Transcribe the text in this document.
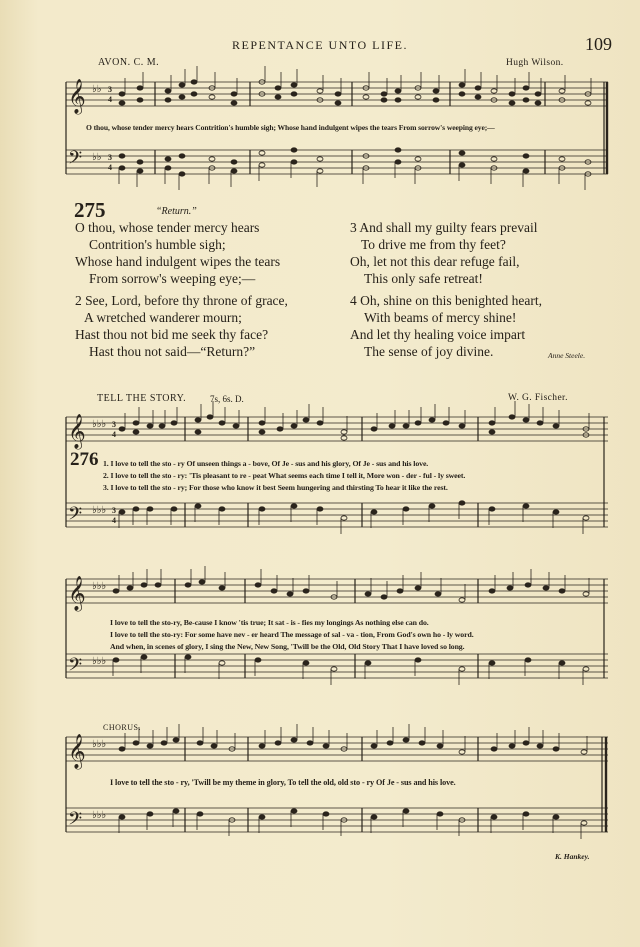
REPENTANCE UNTO LIFE.	109
AVON. C. M.	Hugh Wilson.
𝄞
𝄢
♭♭
♭♭
3
4
3
4
O thou, whose tender mercy hears Contrition's humble sigh; Whose hand indulgent wipes the tears From sorrow's weeping eye;—
275	“Return.”
O thou, whose tender mercy hears
Contrition's humble sigh;
Whose hand indulgent wipes the tears
From sorrow's weeping eye;—
2 See, Lord, before thy throne of grace,
A wretched wanderer mourn;
Hast thou not bid me seek thy face?
Hast thou not said—“Return?”
3 And shall my guilty fears prevail
To drive me from thy feet?
Oh, let not this dear refuge fail,
This only safe retreat!
4 Oh, shine on this benighted heart,
With beams of mercy shine!
And let thy healing voice impart
The sense of joy divine.	Anne Steele.
TELL THE STORY.	7s, 6s. D.	W. G. Fischer.
𝄞
𝄞
𝄞
𝄢
𝄢
𝄢
♭♭♭
♭♭♭
♭♭♭
♭♭♭
♭♭♭
♭♭♭
3
4
3
4
276 1. I love to tell the sto - ry Of unseen things a - bove, Of Je - sus and his glory, Of Je - sus and his love.
2. I love to tell the sto - ry: 'Tis pleasant to re - peat What seems each time I tell it, More won - der - ful - ly sweet.
3. I love to tell the sto - ry; For those who know it best Seem hungering and thirsting To hear it like the rest.
I love to tell the sto-ry, Be-cause I know 'tis true; It sat - is - fies my longings As nothing else can do.
I love to tell the sto-ry: For some have nev - er heard The message of sal - va - tion, From God's own ho - ly word.
And when, in scenes of glory, I sing the New, New Song, 'Twill be the Old, Old Story That I have loved so long.
CHORUS.
I love to tell the sto - ry, 'Twill be my theme in glory, To tell the old, old sto - ry Of Je - sus and his love.
K. Hankey.
